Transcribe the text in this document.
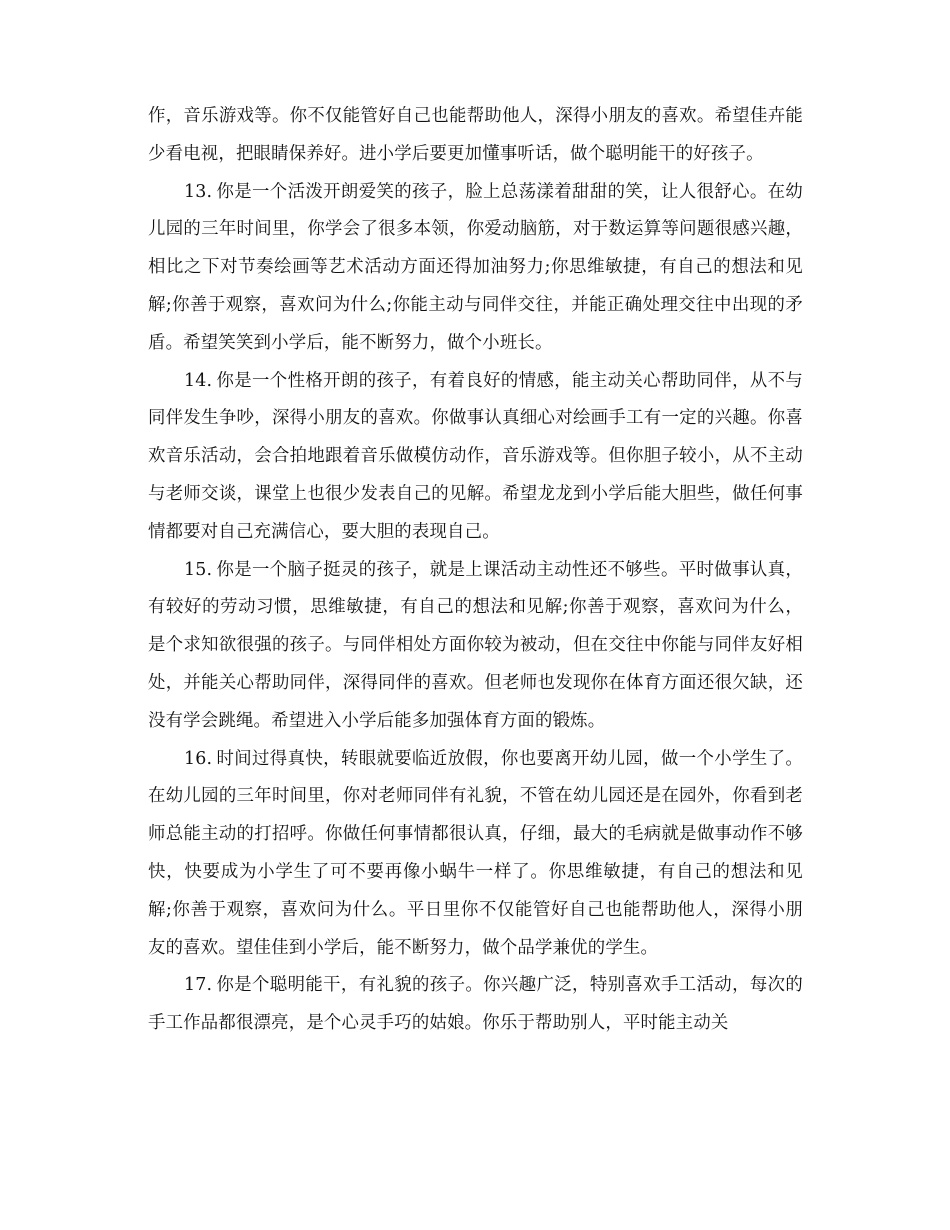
作，音乐游戏等。你不仅能管好自己也能帮助他人，深得小朋友的喜欢。希望佳卉能少看电视，把眼睛保养好。进小学后要更加懂事听话，做个聪明能干的好孩子。

13. 你是一个活泼开朗爱笑的孩子，脸上总荡漾着甜甜的笑，让人很舒心。在幼儿园的三年时间里，你学会了很多本领，你爱动脑筋，对于数运算等问题很感兴趣，相比之下对节奏绘画等艺术活动方面还得加油努力;你思维敏捷，有自己的想法和见解;你善于观察，喜欢问为什么;你能主动与同伴交往，并能正确处理交往中出现的矛盾。希望笑笑到小学后，能不断努力，做个小班长。

14. 你是一个性格开朗的孩子，有着良好的情感，能主动关心帮助同伴，从不与同伴发生争吵，深得小朋友的喜欢。你做事认真细心对绘画手工有一定的兴趣。你喜欢音乐活动，会合拍地跟着音乐做模仿动作，音乐游戏等。但你胆子较小，从不主动与老师交谈，课堂上也很少发表自己的见解。希望龙龙到小学后能大胆些，做任何事情都要对自己充满信心，要大胆的表现自己。

15. 你是一个脑子挺灵的孩子，就是上课活动主动性还不够些。平时做事认真，有较好的劳动习惯，思维敏捷，有自己的想法和见解;你善于观察，喜欢问为什么，是个求知欲很强的孩子。与同伴相处方面你较为被动，但在交往中你能与同伴友好相处，并能关心帮助同伴，深得同伴的喜欢。但老师也发现你在体育方面还很欠缺，还没有学会跳绳。希望进入小学后能多加强体育方面的锻炼。

16. 时间过得真快，转眼就要临近放假，你也要离开幼儿园，做一个小学生了。在幼儿园的三年时间里，你对老师同伴有礼貌，不管在幼儿园还是在园外，你看到老师总能主动的打招呼。你做任何事情都很认真，仔细，最大的毛病就是做事动作不够快，快要成为小学生了可不要再像小蜗牛一样了。你思维敏捷，有自己的想法和见解;你善于观察，喜欢问为什么。平日里你不仅能管好自己也能帮助他人，深得小朋友的喜欢。望佳佳到小学后，能不断努力，做个品学兼优的学生。

17. 你是个聪明能干，有礼貌的孩子。你兴趣广泛，特别喜欢手工活动，每次的手工作品都很漂亮，是个心灵手巧的姑娘。你乐于帮助别人，平时能主动关
